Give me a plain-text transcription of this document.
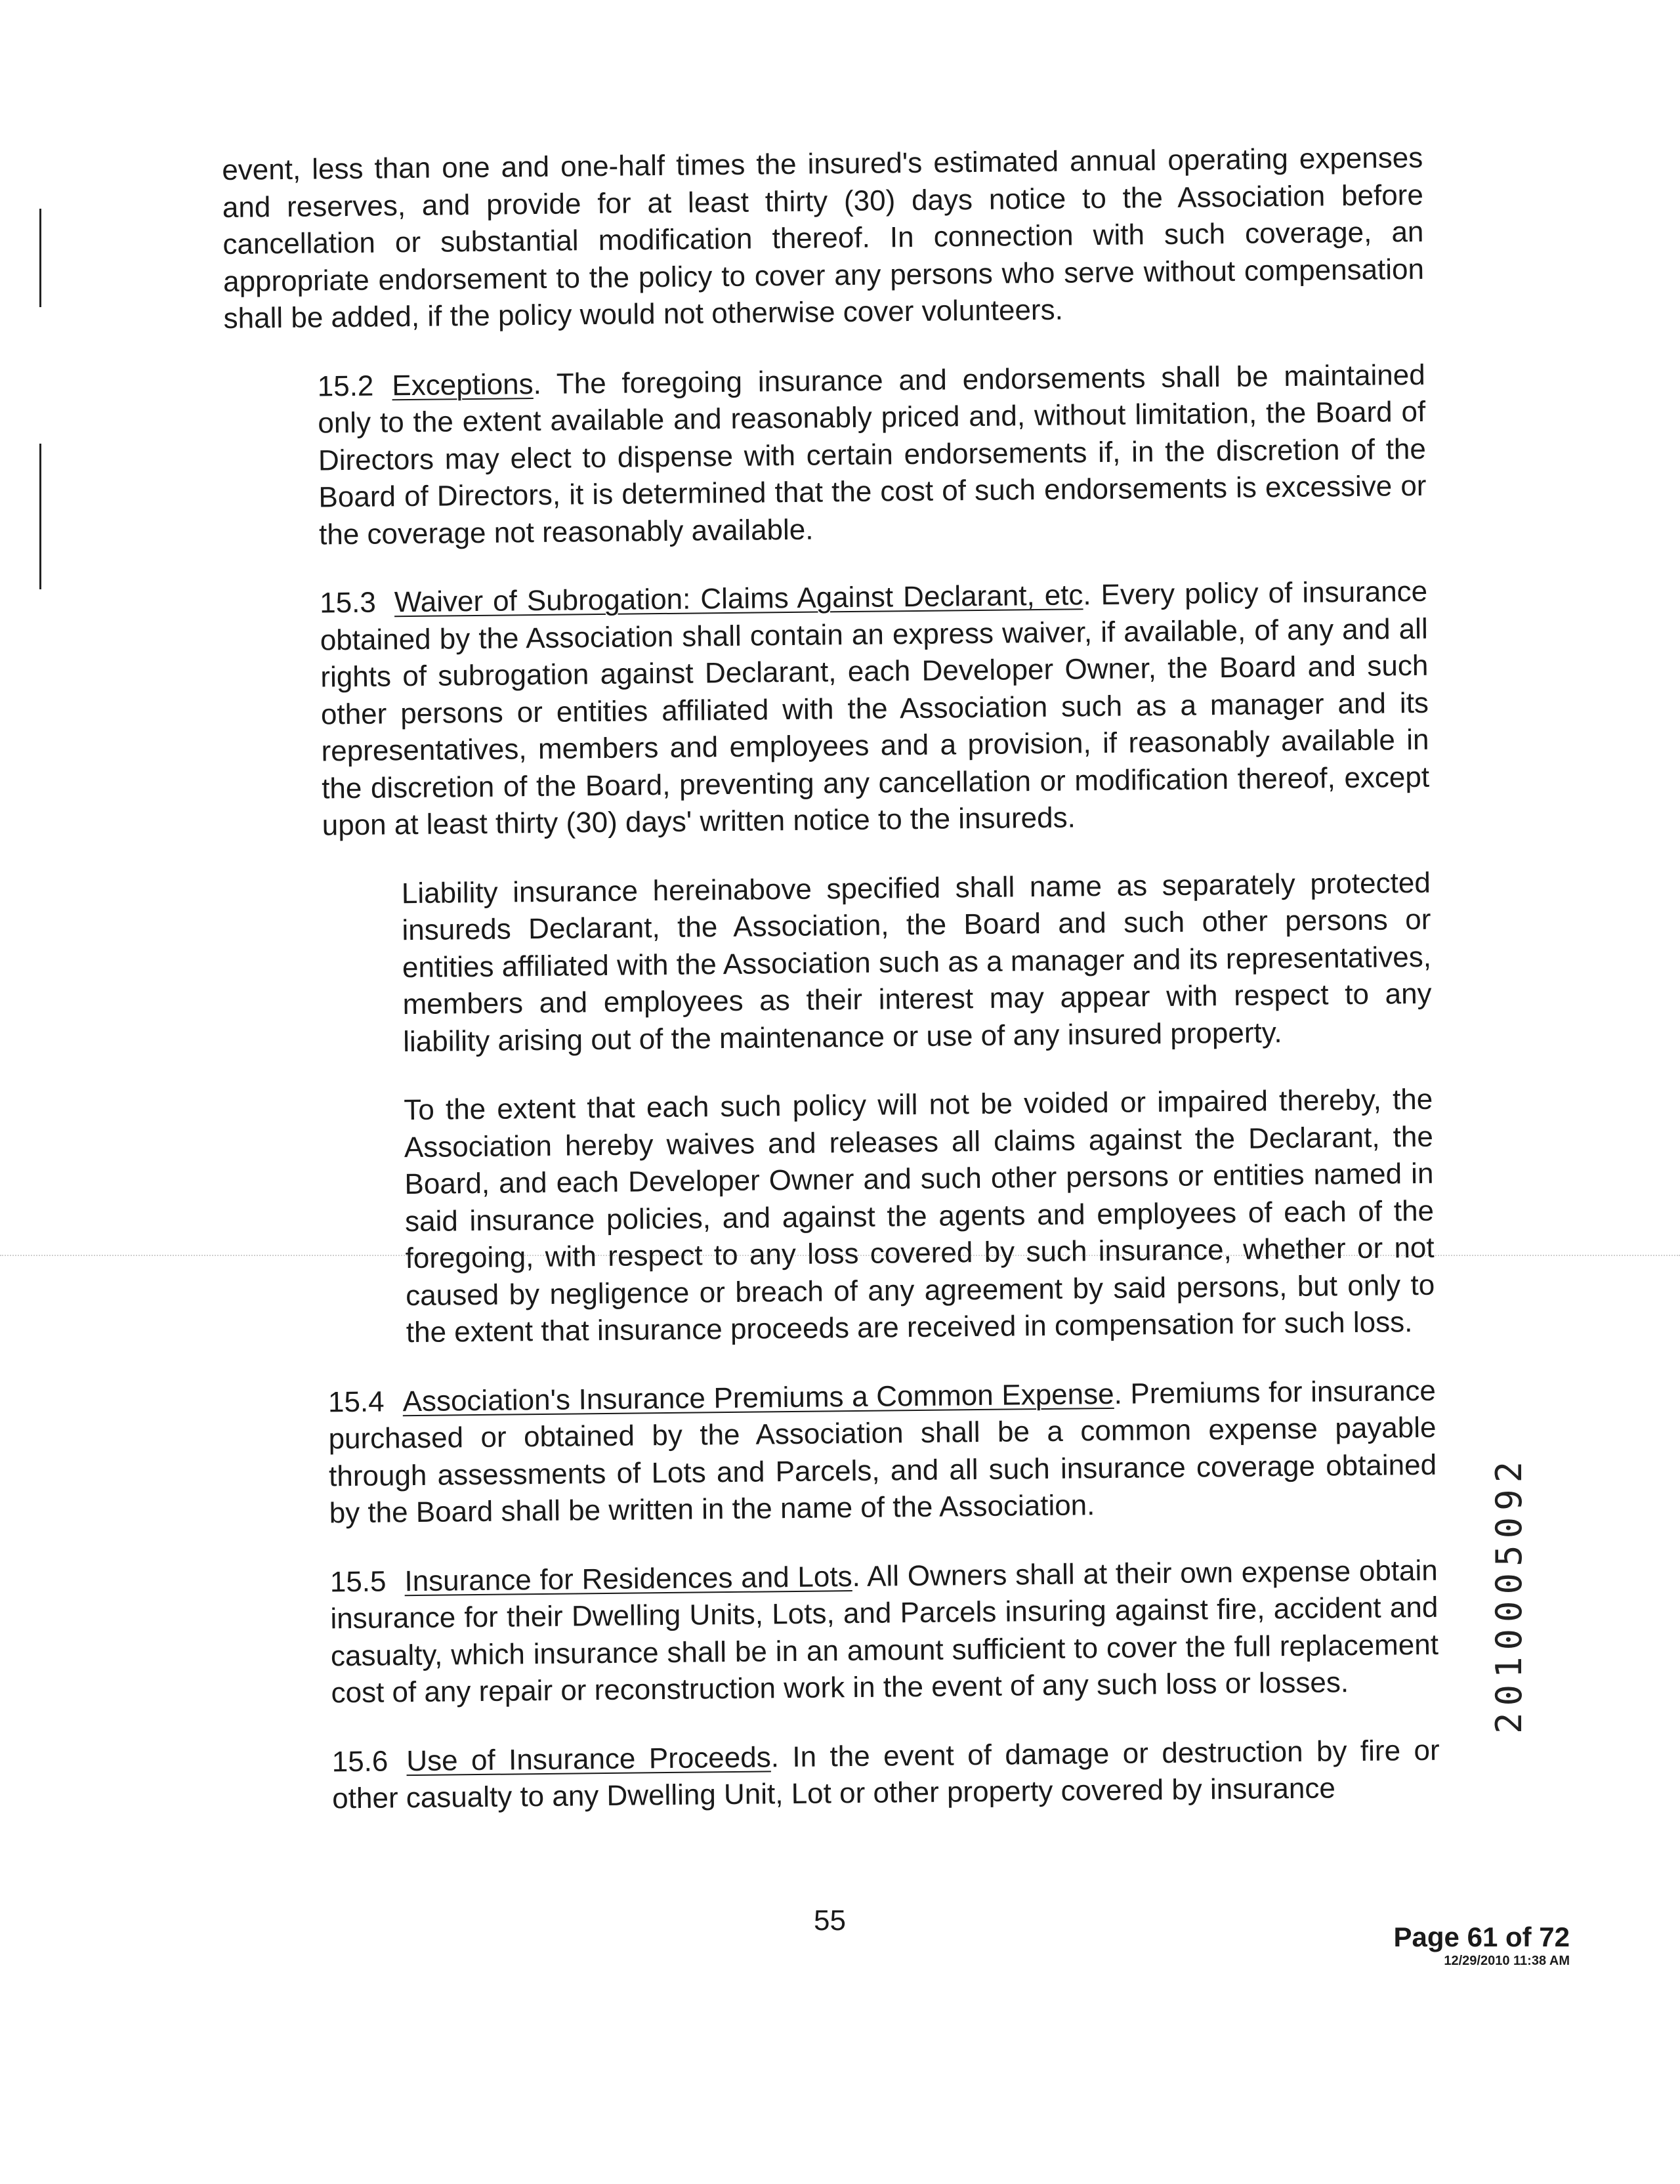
event, less than one and one-half times the insured's estimated annual operating expenses and reserves, and provide for at least thirty (30) days notice to the Association before cancellation or substantial modification thereof. In connection with such coverage, an appropriate endorsement to the policy to cover any persons who serve without compensation shall be added, if the policy would not otherwise cover volunteers.

15.2 Exceptions. The foregoing insurance and endorsements shall be maintained only to the extent available and reasonably priced and, without limitation, the Board of Directors may elect to dispense with certain endorsements if, in the discretion of the Board of Directors, it is determined that the cost of such endorsements is excessive or the coverage not reasonably available.

15.3 Waiver of Subrogation: Claims Against Declarant, etc. Every policy of insurance obtained by the Association shall contain an express waiver, if available, of any and all rights of subrogation against Declarant, each Developer Owner, the Board and such other persons or entities affiliated with the Association such as a manager and its representatives, members and employees and a provision, if reasonably available in the discretion of the Board, preventing any cancellation or modification thereof, except upon at least thirty (30) days' written notice to the insureds.

Liability insurance hereinabove specified shall name as separately protected insureds Declarant, the Association, the Board and such other persons or entities affiliated with the Association such as a manager and its representatives, members and employees as their interest may appear with respect to any liability arising out of the maintenance or use of any insured property.

To the extent that each such policy will not be voided or impaired thereby, the Association hereby waives and releases all claims against the Declarant, the Board, and each Developer Owner and such other persons or entities named in said insurance policies, and against the agents and employees of each of the foregoing, with respect to any loss covered by such insurance, whether or not caused by negligence or breach of any agreement by said persons, but only to the extent that insurance proceeds are received in compensation for such loss.

15.4 Association's Insurance Premiums a Common Expense. Premiums for insurance purchased or obtained by the Association shall be a common expense payable through assessments of Lots and Parcels, and all such insurance coverage obtained by the Board shall be written in the name of the Association.

15.5 Insurance for Residences and Lots. All Owners shall at their own expense obtain insurance for their Dwelling Units, Lots, and Parcels insuring against fire, accident and casualty, which insurance shall be in an amount sufficient to cover the full replacement cost of any repair or reconstruction work in the event of any such loss or losses.

15.6 Use of Insurance Proceeds. In the event of damage or destruction by fire or other casualty to any Dwelling Unit, Lot or other property covered by insurance

2010005092
55
Page 61 of 72
12/29/2010 11:38 AM
